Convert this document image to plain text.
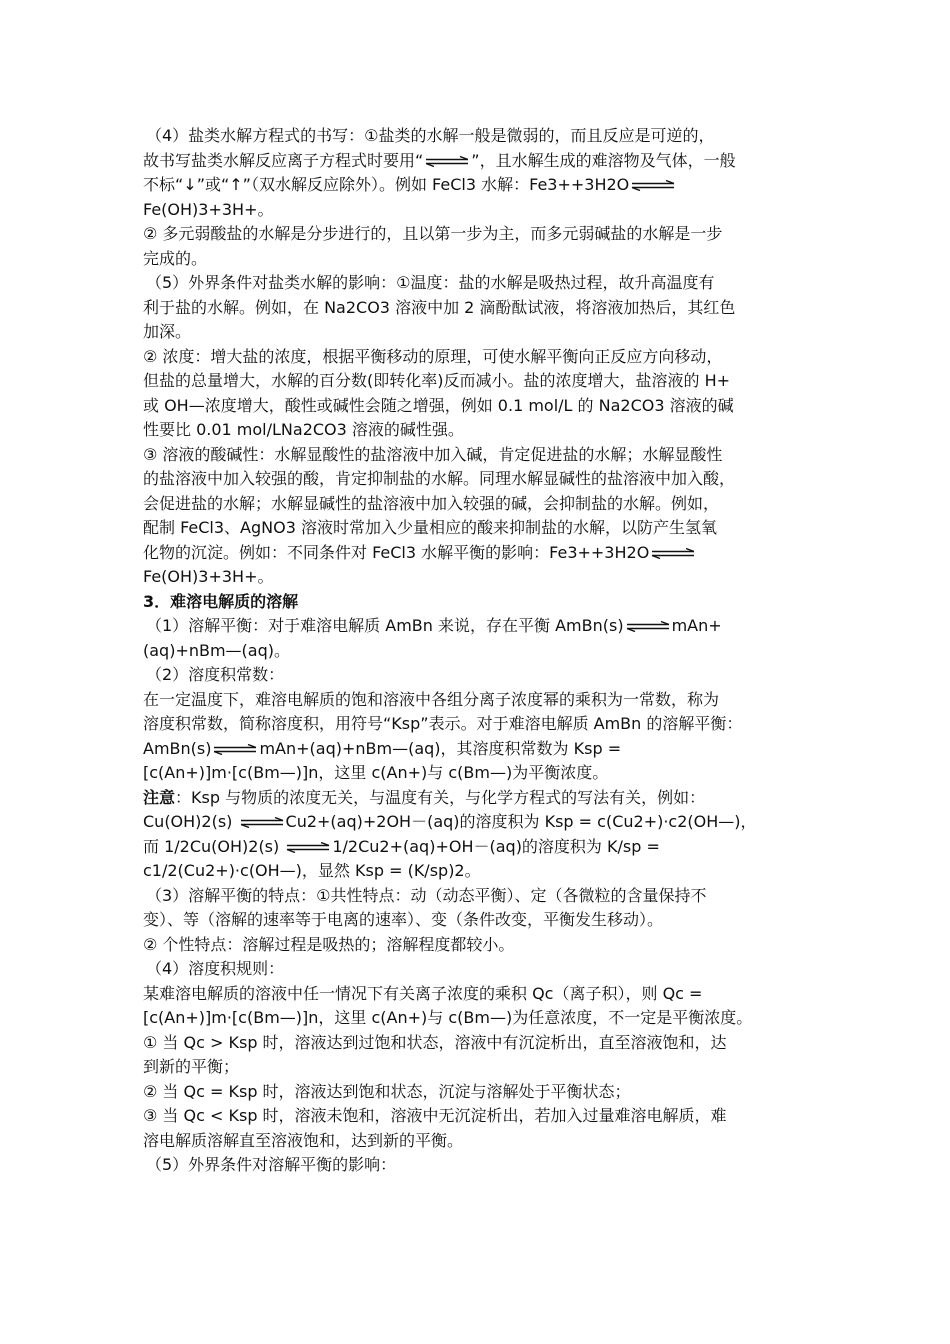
（4）盐类水解方程式的书写：①盐类的水解一般是微弱的，而且反应是可逆的，

故书写盐类水解反应离子方程式时要用“⇌”，且水解生成的难溶物及气体，一般

不标“↓”或“↑”（双水解反应除外）。例如 FeCl3 水解：Fe3++3H2O⇌

Fe(OH)3+3H+。

② 多元弱酸盐的水解是分步进行的，且以第一步为主，而多元弱碱盐的水解是一步

完成的。

（5）外界条件对盐类水解的影响：①温度：盐的水解是吸热过程，故升高温度有

利于盐的水解。例如，在 Na2CO3 溶液中加 2 滴酚酞试液，将溶液加热后，其红色

加深。

② 浓度：增大盐的浓度，根据平衡移动的原理，可使水解平衡向正反应方向移动，

但盐的总量增大，水解的百分数(即转化率)反而减小。盐的浓度增大，盐溶液的 H+

或 OH—浓度增大，酸性或碱性会随之增强，例如 0.1 mol/L 的 Na2CO3 溶液的碱

性要比 0.01 mol/LNa2CO3 溶液的碱性强。

③ 溶液的酸碱性：水解显酸性的盐溶液中加入碱，肯定促进盐的水解；水解显酸性

的盐溶液中加入较强的酸，肯定抑制盐的水解。同理水解显碱性的盐溶液中加入酸，

会促进盐的水解；水解显碱性的盐溶液中加入较强的碱，会抑制盐的水解。例如，

配制 FeCl3、AgNO3 溶液时常加入少量相应的酸来抑制盐的水解，以防产生氢氧

化物的沉淀。例如：不同条件对 FeCl3 水解平衡的影响：Fe3++3H2O⇌

Fe(OH)3+3H+。

3．难溶电解质的溶解

（1）溶解平衡：对于难溶电解质 AmBn 来说，存在平衡 AmBn(s)⇌mAn+

(aq)+nBm—(aq)。

（2）溶度积常数：

在一定温度下，难溶电解质的饱和溶液中各组分离子浓度幂的乘积为一常数，称为

溶度积常数，简称溶度积，用符号“Ksp”表示。对于难溶电解质 AmBn 的溶解平衡：

AmBn(s)⇌mAn+(aq)+nBm—(aq)，其溶度积常数为 Ksp =

[c(An+)]m·[c(Bm—)]n，这里 c(An+)与 c(Bm—)为平衡浓度。

注意：Ksp 与物质的浓度无关，与温度有关，与化学方程式的写法有关，例如：

Cu(OH)2(s) ⇌Cu2+(aq)+2OH－(aq)的溶度积为 Ksp = c(Cu2+)·c2(OH—)，

而 1/2Cu(OH)2(s) ⇌1/2Cu2+(aq)+OH－(aq)的溶度积为 K/sp =

c1/2(Cu2+)·c(OH—)，显然 Ksp = (K/sp)2。

（3）溶解平衡的特点：①共性特点：动（动态平衡）、定（各微粒的含量保持不

变）、等（溶解的速率等于电离的速率）、变（条件改变，平衡发生移动）。

② 个性特点：溶解过程是吸热的；溶解程度都较小。

（4）溶度积规则：

某难溶电解质的溶液中任一情况下有关离子浓度的乘积 Qc（离子积），则 Qc =

[c(An+)]m·[c(Bm—)]n，这里 c(An+)与 c(Bm—)为任意浓度，不一定是平衡浓度。

① 当 Qc > Ksp 时，溶液达到过饱和状态，溶液中有沉淀析出，直至溶液饱和，达

到新的平衡；

② 当 Qc = Ksp 时，溶液达到饱和状态，沉淀与溶解处于平衡状态；

③ 当 Qc < Ksp 时，溶液未饱和，溶液中无沉淀析出，若加入过量难溶电解质，难

溶电解质溶解直至溶液饱和，达到新的平衡。

（5）外界条件对溶解平衡的影响：
